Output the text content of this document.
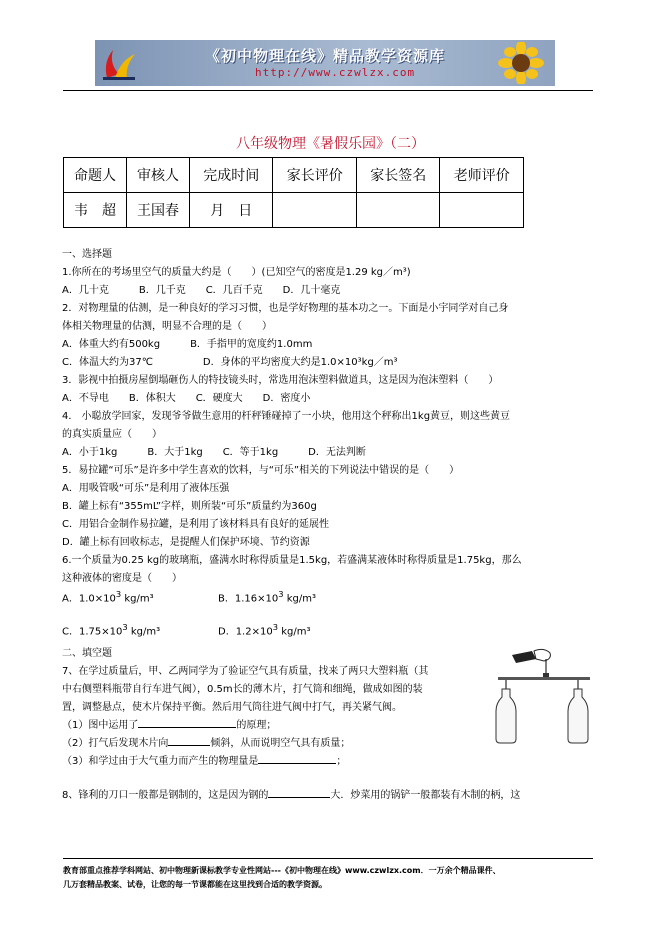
《初中物理在线》精品教学资源库
http://www.czwlzx.com
八年级物理《暑假乐园》（二）
命题人	审核人	完成时间	家长评价	家长签名	老师评价
韦　超	王国春	月　日			
一、选择题
1.你所在的考场里空气的质量大约是（　　）(已知空气的密度是1.29 kg／m³)
A．几十克　　　B．几千克　　C．几百千克　　D．几十毫克
2．对物理量的估测，是一种良好的学习习惯，也是学好物理的基本功之一。下面是小宇同学对自己身
体相关物理量的估测，明显不合理的是（　　）
A．体重大约有500kg　　　B．手指甲的宽度约1.0mm
C．体温大约为37℃　　　　　D．身体的平均密度大约是1.0×10³kg／m³
3．影视中拍摄房屋倒塌砸伤人的特技镜头时，常选用泡沫塑料做道具，这是因为泡沫塑料（　　）
A．不导电　　B．体积大　　C．硬度大　　D．密度小
4． 小聪放学回家，发现爷爷做生意用的杆秤锤碰掉了一小块，他用这个秤称出1kg黄豆，则这些黄豆
的真实质量应（　　）
A．小于1kg　　　B．大于1kg　　C．等于1kg　　　D．无法判断
5．易拉罐“可乐”是许多中学生喜欢的饮料，与“可乐”相关的下列说法中错误的是（　　）
A．用吸管吸“可乐”是利用了液体压强
B．罐上标有“355mL”字样，则所装“可乐”质量约为360g
C．用铝合金制作易拉罐，是利用了该材料具有良好的延展性
D．罐上标有回收标志，是提醒人们保护环境、节约资源
6.一个质量为0.25 kg的玻璃瓶，盛满水时称得质量是1.5kg，若盛满某液体时称得质量是1.75kg，那么
这种液体的密度是（　　）
A．$1.0\times 10^3$ kg/m³	B．$1.16\times 10^3$ kg/m³
C．$1.75\times 10^3$ kg/m³	D．$1.2\times 10^3$ kg/m³
二、填空题
7、在学过质量后，甲、乙两同学为了验证空气具有质量，找来了两只大塑料瓶（其
中右侧塑料瓶带自行车进气阀），0.5m长的薄木片，打气筒和细绳，做成如图的装
置，调整悬点，使木片保持平衡。然后用气筒往进气阀中打气，再关紧气阀。
（1）图中运用了	的原理；
（2）打气后发现木片向	倾斜，从而说明空气具有质量；
（3）和学过由于大气重力而产生的物理量是	；
8、锋利的刀口一般都是钢制的，这是因为钢的	大．炒菜用的锅铲一般都装有木制的柄，这
教育部重点推荐学科网站、初中物理新课标教学专业性网站---《初中物理在线》www.czwlzx.com．一万余个精品课件、
几万套精品教案、试卷，让您的每一节课都能在这里找到合适的教学资源。
